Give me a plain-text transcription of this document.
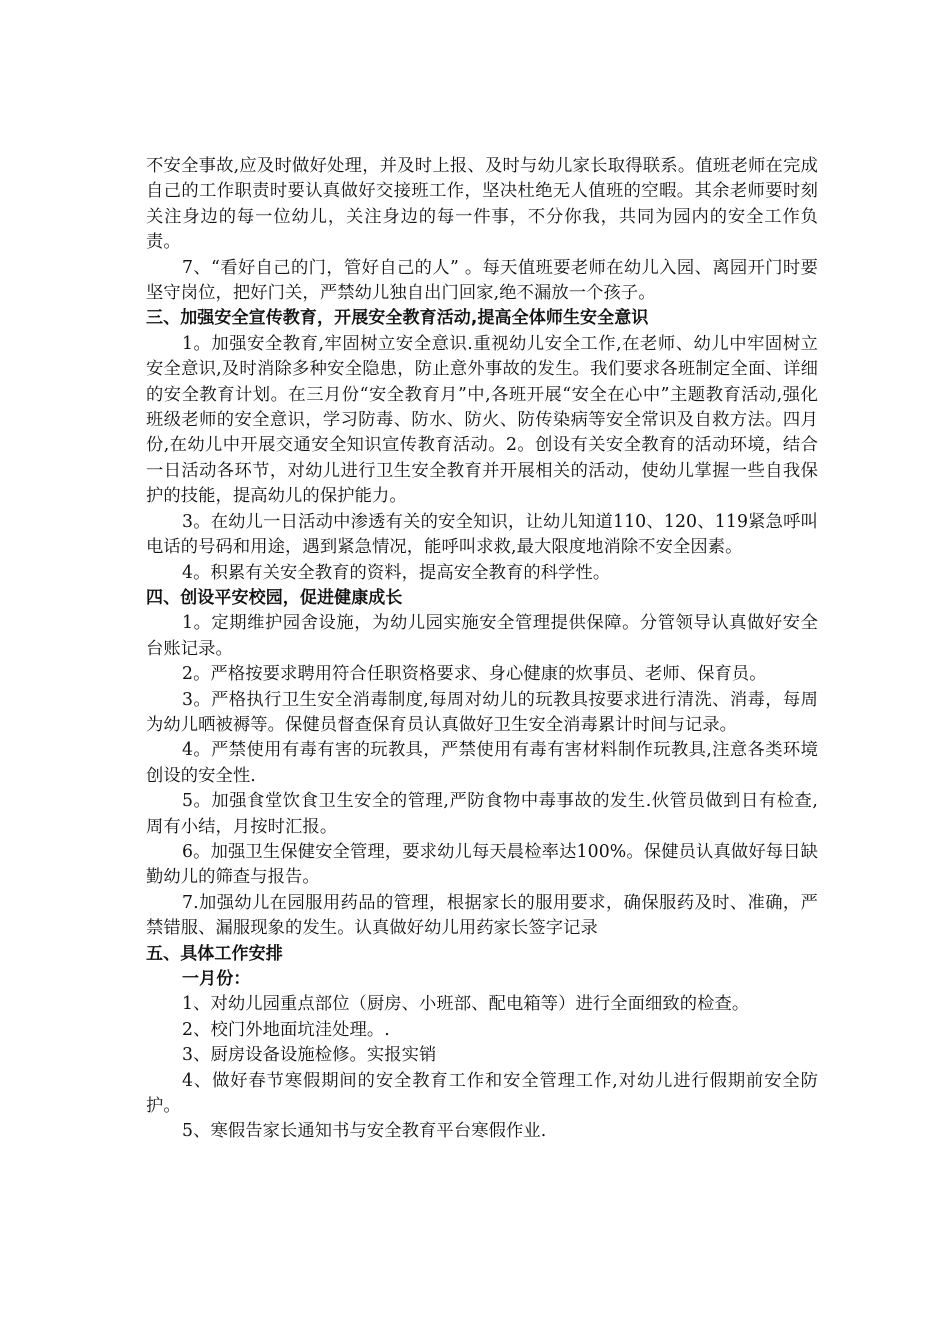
不安全事故,应及时做好处理，并及时上报、及时与幼儿家长取得联系。值班老师在完成自己的工作职责时要认真做好交接班工作，坚决杜绝无人值班的空暇。其余老师要时刻关注身边的每一位幼儿，关注身边的每一件事，不分你我，共同为园内的安全工作负责。

7、“看好自己的门，管好自己的人” 。每天值班要老师在幼儿入园、离园开门时要坚守岗位，把好门关，严禁幼儿独自出门回家,绝不漏放一个孩子。

三、加强安全宣传教育，开展安全教育活动,提高全体师生安全意识

1。加强安全教育,牢固树立安全意识.重视幼儿安全工作,在老师、幼儿中牢固树立安全意识,及时消除多种安全隐患，防止意外事故的发生。我们要求各班制定全面、详细的安全教育计划。在三月份“安全教育月”中,各班开展“安全在心中”主题教育活动,强化班级老师的安全意识，学习防毒、防水、防火、防传染病等安全常识及自救方法。四月份,在幼儿中开展交通安全知识宣传教育活动。2。创设有关安全教育的活动环境，结合一日活动各环节，对幼儿进行卫生安全教育并开展相关的活动，使幼儿掌握一些自我保护的技能，提高幼儿的保护能力。

3。在幼儿一日活动中渗透有关的安全知识，让幼儿知道110、120、119紧急呼叫电话的号码和用途，遇到紧急情况，能呼叫求救,最大限度地消除不安全因素。

4。积累有关安全教育的资料，提高安全教育的科学性。

四、创设平安校园，促进健康成长

1。定期维护园舍设施，为幼儿园实施安全管理提供保障。分管领导认真做好安全台账记录。

2。严格按要求聘用符合任职资格要求、身心健康的炊事员、老师、保育员。

3。严格执行卫生安全消毒制度,每周对幼儿的玩教具按要求进行清洗、消毒，每周为幼儿晒被褥等。保健员督查保育员认真做好卫生安全消毒累计时间与记录。

4。严禁使用有毒有害的玩教具，严禁使用有毒有害材料制作玩教具,注意各类环境创设的安全性.

5。加强食堂饮食卫生安全的管理,严防食物中毒事故的发生.伙管员做到日有检查,周有小结，月按时汇报。

6。加强卫生保健安全管理，要求幼儿每天晨检率达100%。保健员认真做好每日缺勤幼儿的筛查与报告。

7.加强幼儿在园服用药品的管理，根据家长的服用要求，确保服药及时、准确，严禁错服、漏服现象的发生。认真做好幼儿用药家长签字记录

五、具体工作安排

一月份：

1、对幼儿园重点部位（厨房、小班部、配电箱等）进行全面细致的检查。

2、校门外地面坑洼处理。.

3、厨房设备设施检修。实报实销

4、做好春节寒假期间的安全教育工作和安全管理工作,对幼儿进行假期前安全防护。

5、寒假告家长通知书与安全教育平台寒假作业.
